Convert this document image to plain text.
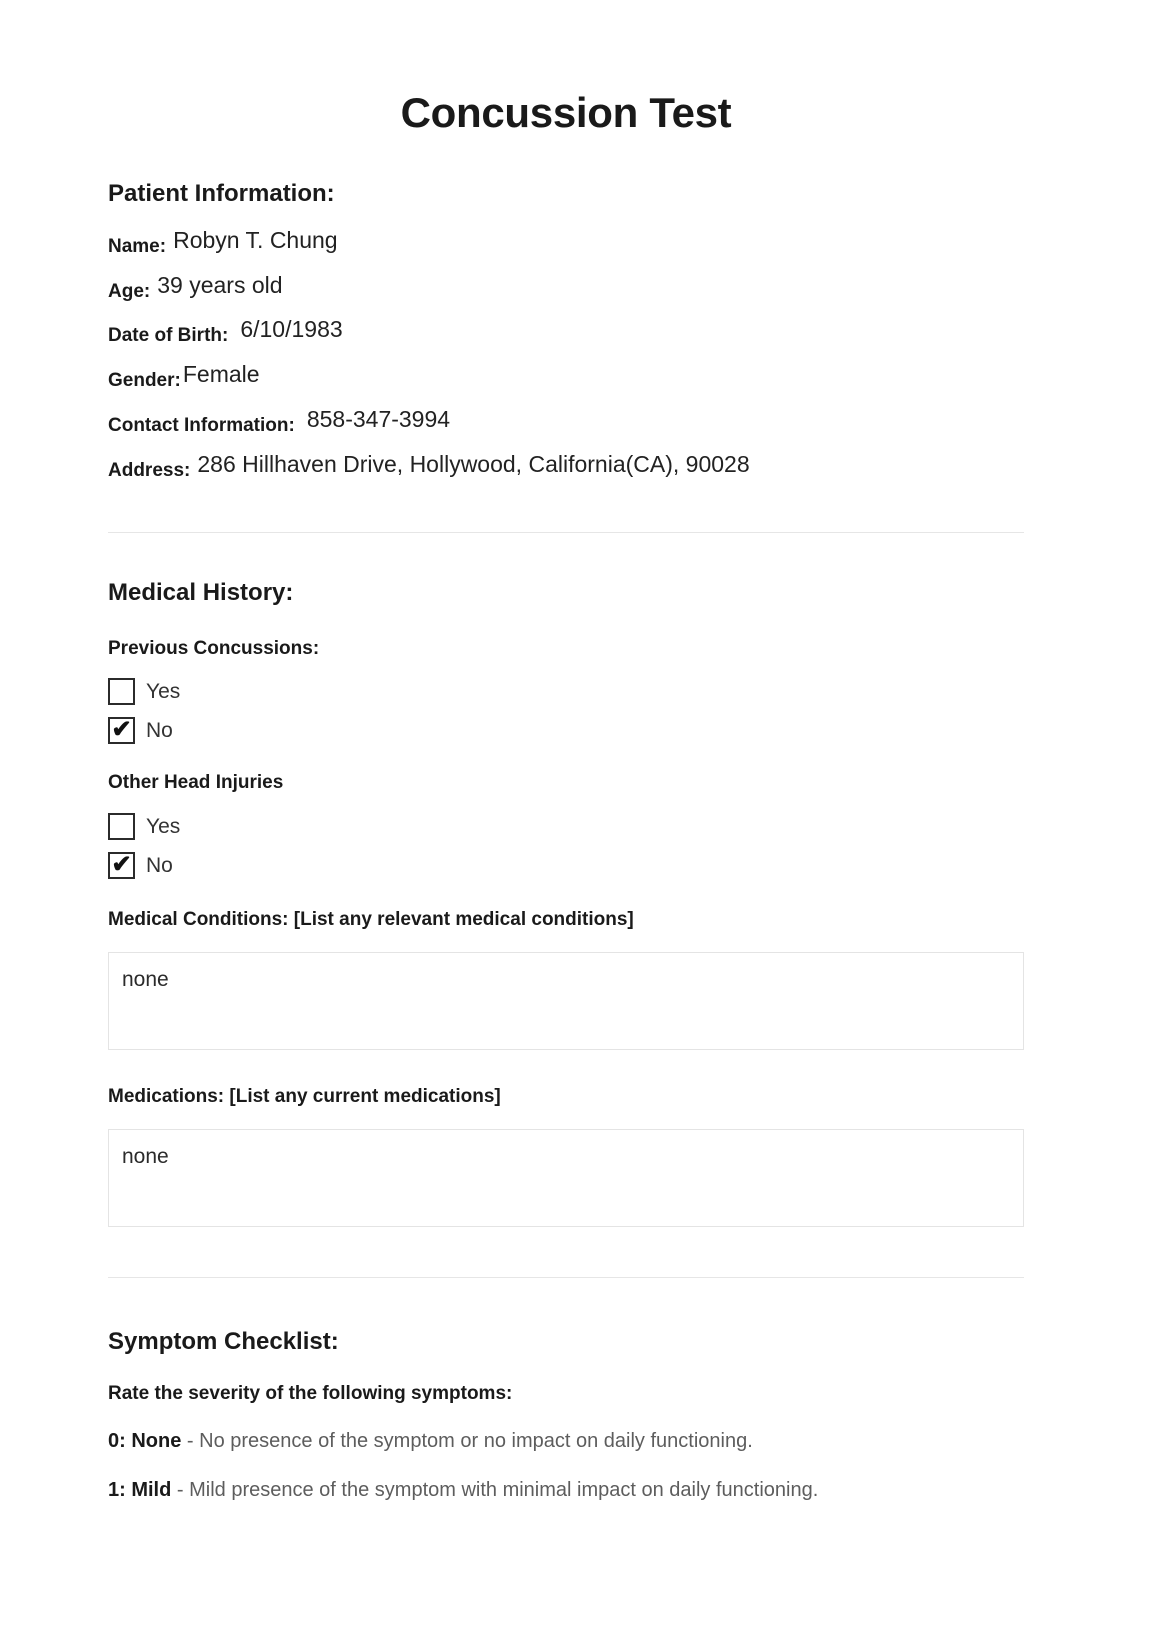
Concussion Test
Patient Information:
Name: Robyn T. Chung
Age: 39 years old
Date of Birth: 6/10/1983
Gender: Female
Contact Information: 858-347-3994
Address: 286 Hillhaven Drive, Hollywood, California(CA), 90028
Medical History:
Previous Concussions:
Yes
✔ No
Other Head Injuries
Yes
✔ No
Medical Conditions: [List any relevant medical conditions]
none
Medications: [List any current medications]
none
Symptom Checklist:
Rate the severity of the following symptoms:
0: None - No presence of the symptom or no impact on daily functioning.
1: Mild - Mild presence of the symptom with minimal impact on daily functioning.
